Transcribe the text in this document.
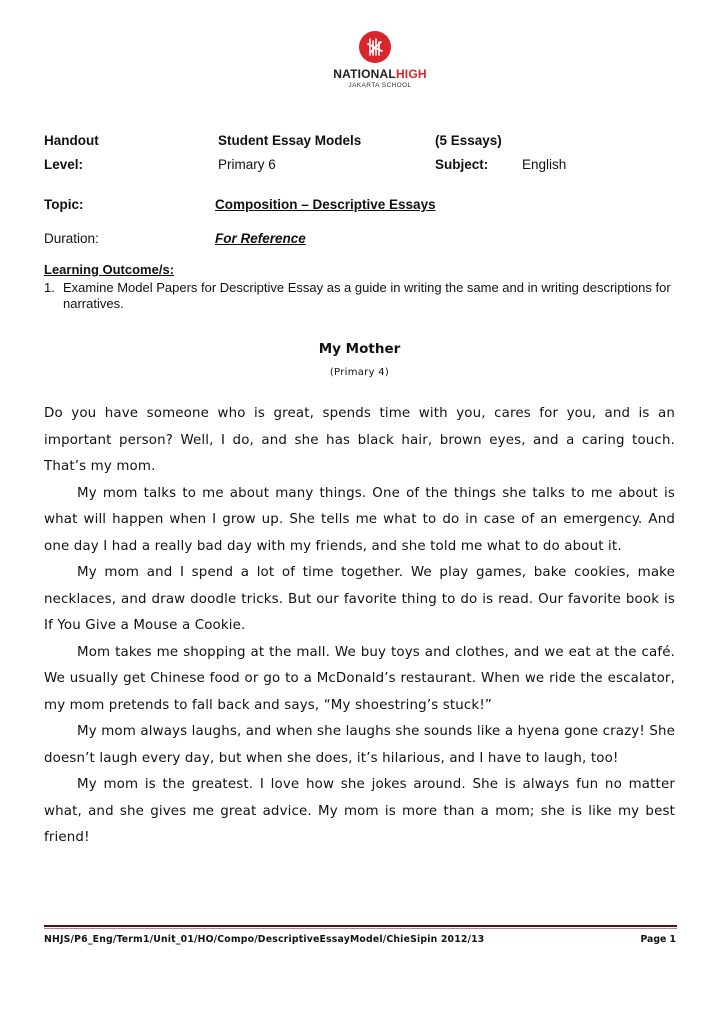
NATIONALHIGH
JAKARTA SCHOOL
Handout	Student Essay Models	(5 Essays)
Level:	Primary 6	Subject: English
Topic:	Composition – Descriptive Essays
Duration:	For Reference
Learning Outcome/s:
1. Examine Model Papers for Descriptive Essay as a guide in writing the same and in writing descriptions for narratives.
My Mother
(Primary 4)

Do you have someone who is great, spends time with you, cares for you, and is an important person? Well, I do, and she has black hair, brown eyes, and a caring touch. That’s my mom.

My mom talks to me about many things. One of the things she talks to me about is what will happen when I grow up. She tells me what to do in case of an emergency. And one day I had a really bad day with my friends, and she told me what to do about it.

My mom and I spend a lot of time together. We play games, bake cookies, make necklaces, and draw doodle tricks. But our favorite thing to do is read. Our favorite book is If You Give a Mouse a Cookie.

Mom takes me shopping at the mall. We buy toys and clothes, and we eat at the café. We usually get Chinese food or go to a McDonald’s restaurant. When we ride the escalator, my mom pretends to fall back and says, “My shoestring’s stuck!”

My mom always laughs, and when she laughs she sounds like a hyena gone crazy! She doesn’t laugh every day, but when she does, it’s hilarious, and I have to laugh, too!

My mom is the greatest. I love how she jokes around. She is always fun no matter what, and she gives me great advice. My mom is more than a mom; she is like my best friend!

NHJS/P6_Eng/Term1/Unit_01/HO/Compo/DescriptiveEssayModel/ChieSipin 2012/13	Page 1
